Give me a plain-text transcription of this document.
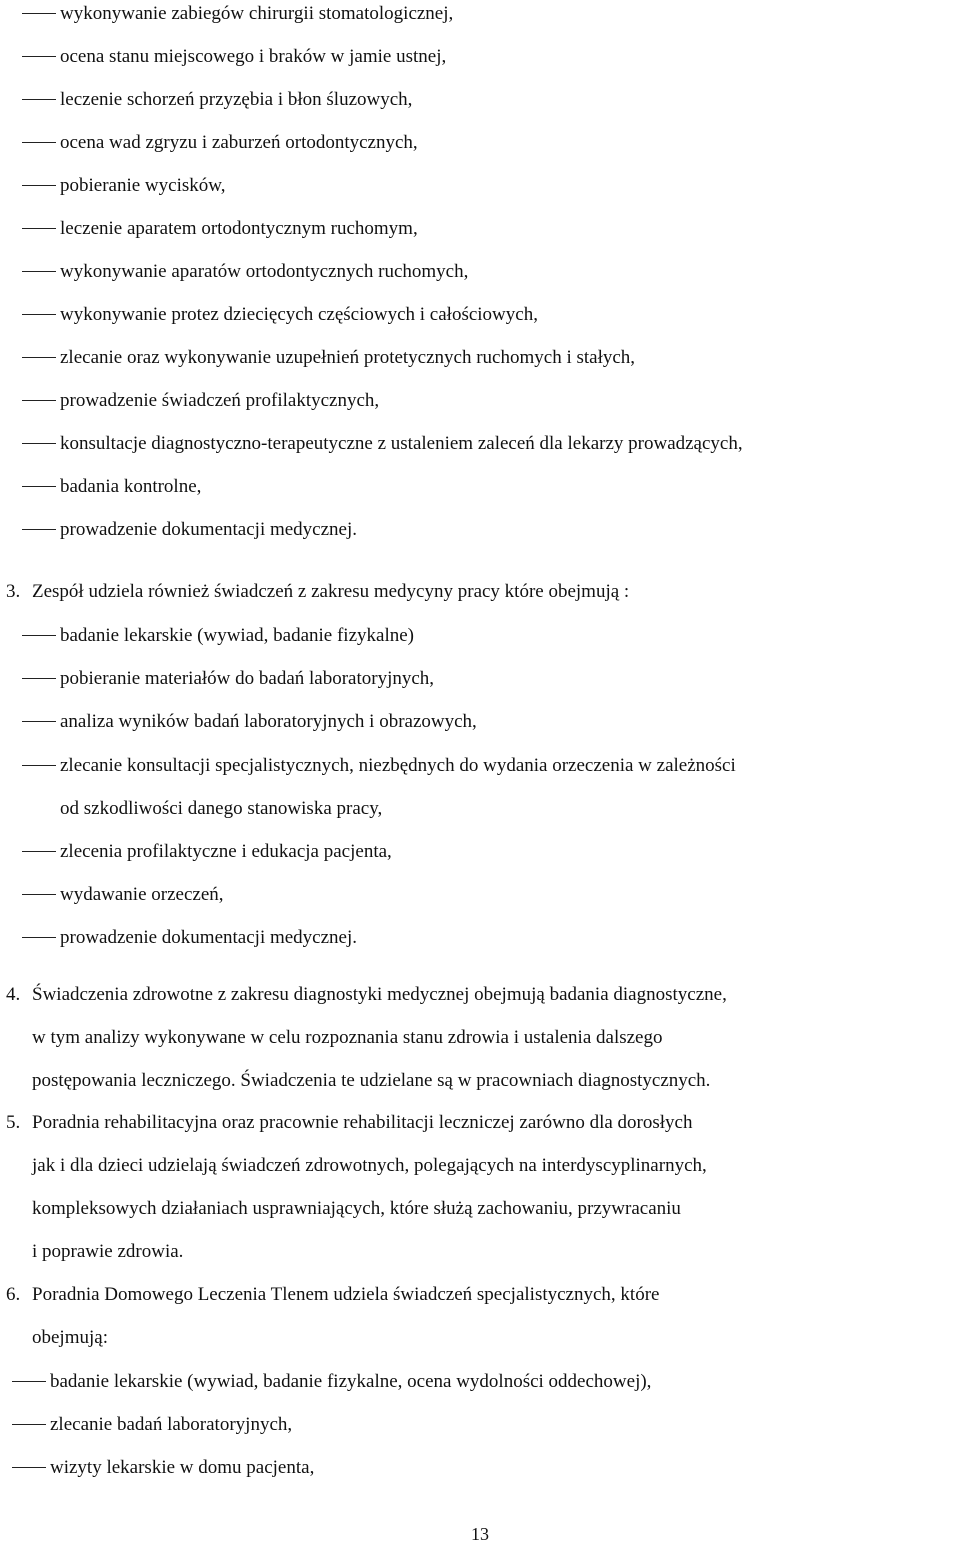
wykonywanie zabiegów chirurgii stomatologicznej,
ocena stanu miejscowego i braków w jamie ustnej,
leczenie schorzeń przyzębia i błon śluzowych,
ocena wad zgryzu i zaburzeń ortodontycznych,
pobieranie wycisków,
leczenie aparatem ortodontycznym ruchomym,
wykonywanie aparatów ortodontycznych ruchomych,
wykonywanie protez dziecięcych częściowych i całościowych,
zlecanie oraz wykonywanie uzupełnień protetycznych ruchomych i stałych,
prowadzenie świadczeń profilaktycznych,
konsultacje diagnostyczno-terapeutyczne z ustaleniem zaleceń dla lekarzy prowadzących,
badania kontrolne,
prowadzenie dokumentacji medycznej.
3. Zespół udziela również świadczeń z zakresu medycyny pracy które obejmują :
badanie lekarskie (wywiad, badanie fizykalne)
pobieranie materiałów do badań laboratoryjnych,
analiza wyników badań laboratoryjnych i obrazowych,
zlecanie konsultacji specjalistycznych, niezbędnych do wydania orzeczenia w zależności
od szkodliwości danego stanowiska pracy,
zlecenia profilaktyczne i edukacja pacjenta,
wydawanie orzeczeń,
prowadzenie dokumentacji medycznej.
4. Świadczenia zdrowotne z zakresu diagnostyki medycznej obejmują badania diagnostyczne,
w tym analizy wykonywane w celu rozpoznania stanu zdrowia i ustalenia dalszego
postępowania leczniczego. Świadczenia te udzielane są w pracowniach diagnostycznych.
5. Poradnia rehabilitacyjna oraz pracownie rehabilitacji leczniczej zarówno dla dorosłych
jak i dla dzieci udzielają świadczeń zdrowotnych, polegających na interdyscyplinarnych,
kompleksowych działaniach usprawniających, które służą zachowaniu, przywracaniu
i poprawie zdrowia.
6. Poradnia Domowego Leczenia Tlenem udziela świadczeń specjalistycznych, które
obejmują:
badanie lekarskie (wywiad, badanie fizykalne, ocena wydolności oddechowej),
zlecanie badań laboratoryjnych,
wizyty lekarskie w domu pacjenta,
13
